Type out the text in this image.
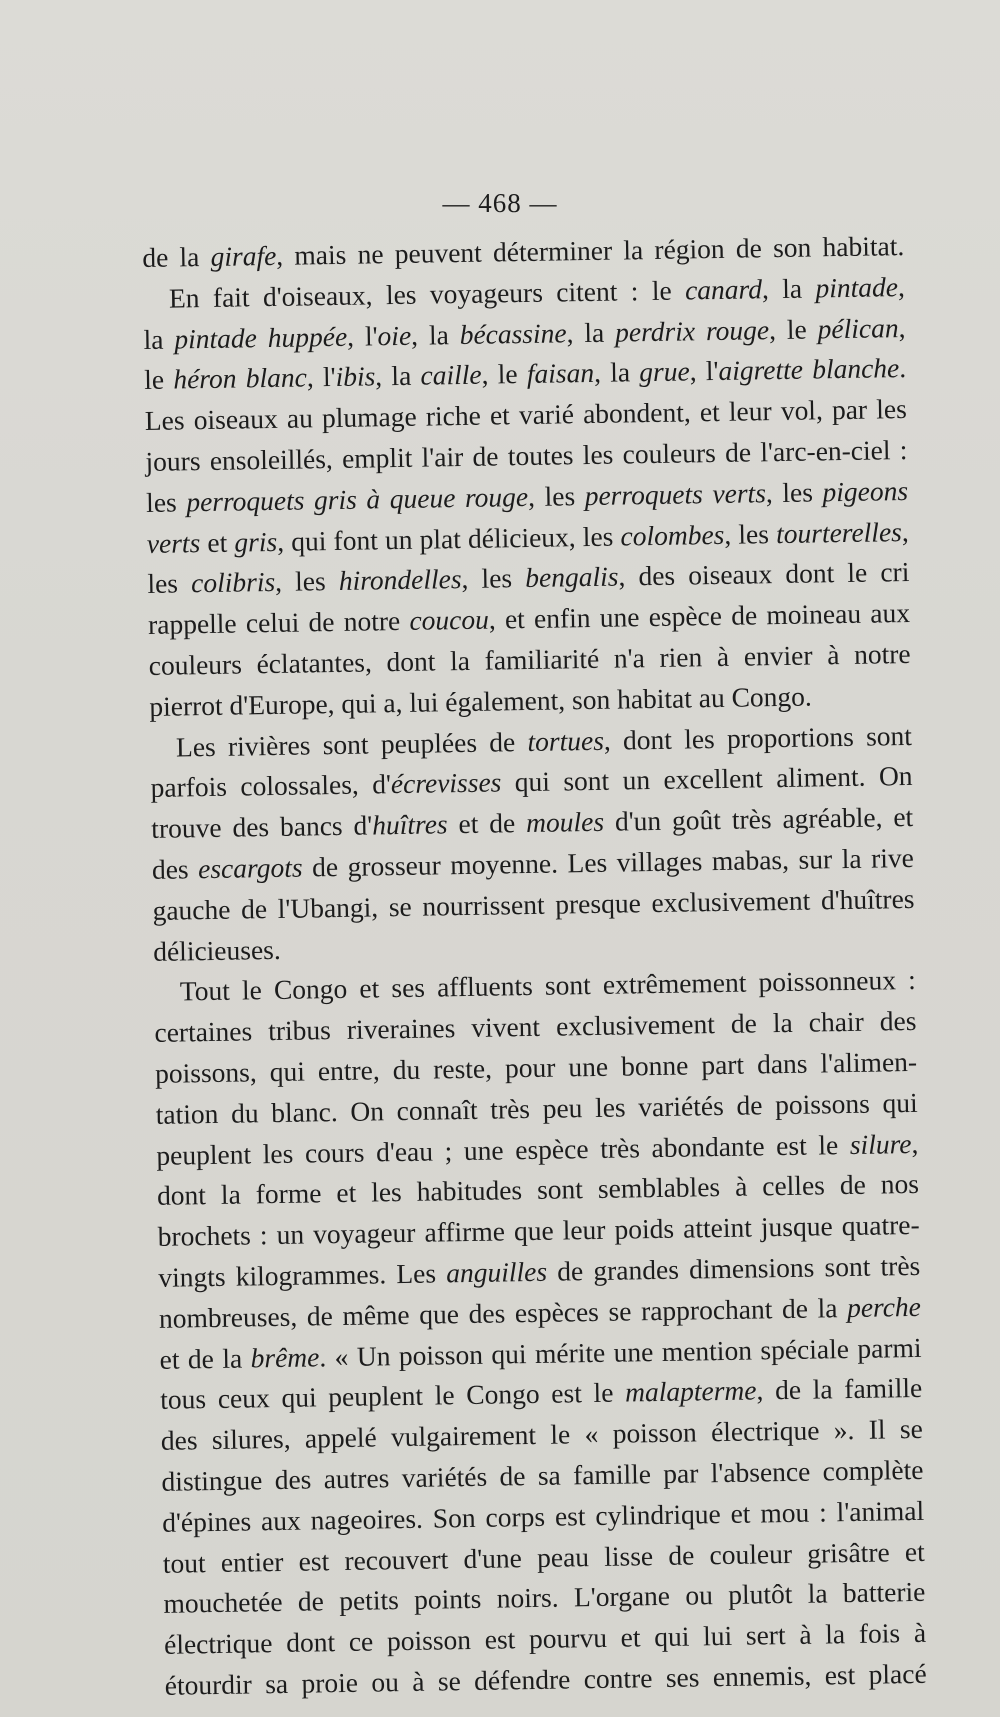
— 468 —
de la girafe, mais ne peuvent déterminer la région de son habitat.
En fait d'oiseaux, les voyageurs citent : le canard, la pintade,
la pintade huppée, l'oie, la bécassine, la perdrix rouge, le pélican,
le héron blanc, l'ibis, la caille, le faisan, la grue, l'aigrette blanche.
Les oiseaux au plumage riche et varié abondent, et leur vol, par les
jours ensoleillés, emplit l'air de toutes les couleurs de l'arc-en-ciel :
les perroquets gris à queue rouge, les perroquets verts, les pigeons
verts et gris, qui font un plat délicieux, les colombes, les tourterelles,
les colibris, les hirondelles, les bengalis, des oiseaux dont le cri
rappelle celui de notre coucou, et enfin une espèce de moineau aux
couleurs éclatantes, dont la familiarité n'a rien à envier à notre
pierrot d'Europe, qui a, lui également, son habitat au Congo.
Les rivières sont peuplées de tortues, dont les proportions sont
parfois colossales, d'écrevisses qui sont un excellent aliment. On
trouve des bancs d'huîtres et de moules d'un goût très agréable, et
des escargots de grosseur moyenne. Les villages mabas, sur la rive
gauche de l'Ubangi, se nourrissent presque exclusivement d'huîtres
délicieuses.
Tout le Congo et ses affluents sont extrêmement poissonneux :
certaines tribus riveraines vivent exclusivement de la chair des
poissons, qui entre, du reste, pour une bonne part dans l'alimen-
tation du blanc. On connaît très peu les variétés de poissons qui
peuplent les cours d'eau ; une espèce très abondante est le silure,
dont la forme et les habitudes sont semblables à celles de nos
brochets : un voyageur affirme que leur poids atteint jusque quatre-
vingts kilogrammes. Les anguilles de grandes dimensions sont très
nombreuses, de même que des espèces se rapprochant de la perche
et de la brême. « Un poisson qui mérite une mention spéciale parmi
tous ceux qui peuplent le Congo est le malapterme, de la famille
des silures, appelé vulgairement le « poisson électrique ». Il se
distingue des autres variétés de sa famille par l'absence complète
d'épines aux nageoires. Son corps est cylindrique et mou : l'animal
tout entier est recouvert d'une peau lisse de couleur grisâtre et
mouchetée de petits points noirs. L'organe ou plutôt la batterie
électrique dont ce poisson est pourvu et qui lui sert à la fois à
étourdir sa proie ou à se défendre contre ses ennemis, est placé
